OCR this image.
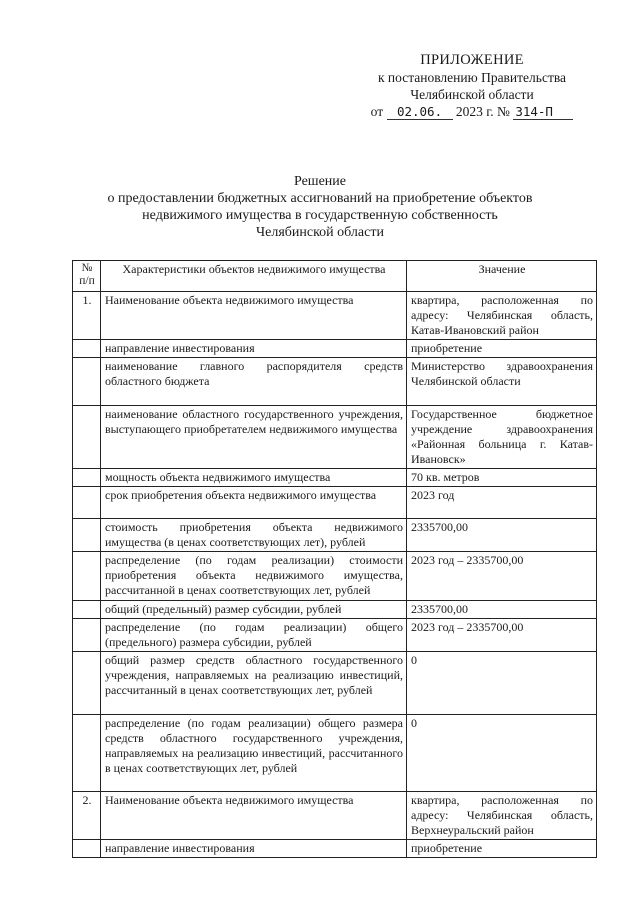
ПРИЛОЖЕНИЕ
к постановлению Правительства
Челябинской области
от
	02.06.
	2023 г. №
314-П
Решение
о предоставлении бюджетных ассигнований на приобретение объектов
недвижимого имущества в государственную собственность
Челябинской области
№ п/п	Характеристики объектов недвижимого имущества	Значение
1.	Наименование объекта недвижимого имущества	квартира, расположенная по адресу: Челябинская область, Катав-Ивановский район
	направление инвестирования	приобретение
	наименование главного распорядителя средств областного бюджета	Министерство здравоохранения Челябинской области
	наименование областного государственного учреждения, выступающего приобретателем недвижимого имущества	Государственное бюджетное учреждение здравоохранения «Районная больница г. Катав-Ивановск»
	мощность объекта недвижимого имущества	70 кв. метров
	срок приобретения объекта недвижимого имущества	2023 год
	стоимость приобретения объекта недвижимого имущества (в ценах соответствующих лет), рублей	2335700,00
	распределение (по годам реализации) стоимости приобретения объекта недвижимого имущества, рассчитанной в ценах соответствующих лет, рублей	2023 год – 2335700,00
	общий (предельный) размер субсидии, рублей	2335700,00
	распределение (по годам реализации) общего (предельного) размера субсидии, рублей	2023 год – 2335700,00
	общий размер средств областного государственного учреждения, направляемых на реализацию инвестиций, рассчитанный в ценах соответствующих лет, рублей	0
	распределение (по годам реализации) общего размера средств областного государственного учреждения, направляемых на реализацию инвестиций, рассчитанного в ценах соответствующих лет, рублей	0
2.	Наименование объекта недвижимого имущества	квартира, расположенная по адресу: Челябинская область, Верхнеуральский район
	направление инвестирования	приобретение
